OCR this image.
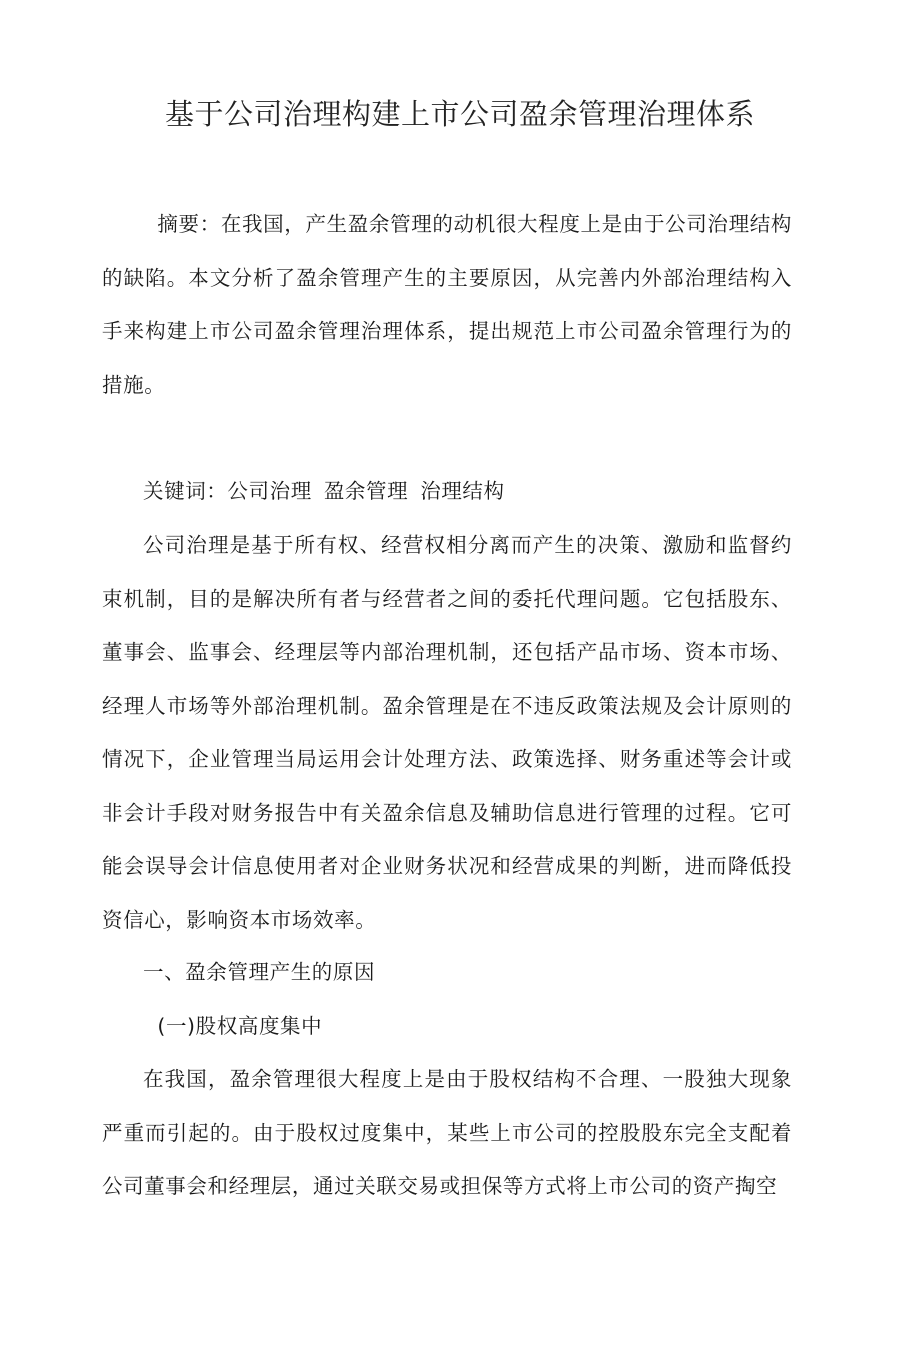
基于公司治理构建上市公司盈余管理治理体系

摘要：在我国，产生盈余管理的动机很大程度上是由于公司治理结构的缺陷。本文分析了盈余管理产生的主要原因，从完善内外部治理结构入手来构建上市公司盈余管理治理体系，提出规范上市公司盈余管理行为的措施。

关键词：公司治理 盈余管理 治理结构

公司治理是基于所有权、经营权相分离而产生的决策、激励和监督约束机制，目的是解决所有者与经营者之间的委托代理问题。它包括股东、董事会、监事会、经理层等内部治理机制，还包括产品市场、资本市场、经理人市场等外部治理机制。盈余管理是在不违反政策法规及会计原则的情况下，企业管理当局运用会计处理方法、政策选择、财务重述等会计或非会计手段对财务报告中有关盈余信息及辅助信息进行管理的过程。它可能会误导会计信息使用者对企业财务状况和经营成果的判断，进而降低投资信心，影响资本市场效率。

一、盈余管理产生的原因

(一)股权高度集中

在我国，盈余管理很大程度上是由于股权结构不合理、一股独大现象严重而引起的。由于股权过度集中，某些上市公司的控股股东完全支配着公司董事会和经理层，通过关联交易或担保等方式将上市公司的资产掏空
